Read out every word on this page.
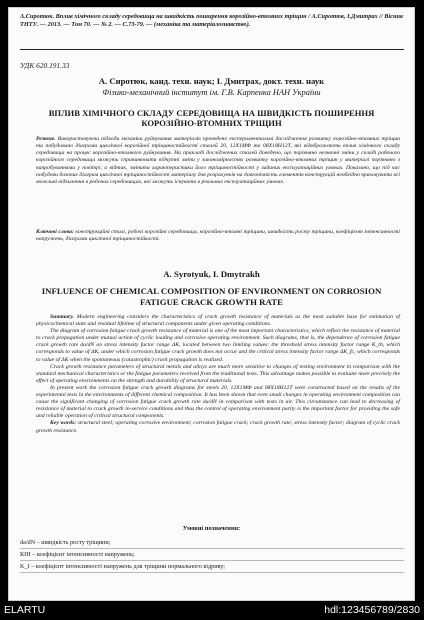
A.Сиротюк. Вплив хімічного складу середовища на швидкість поширення корозійно-втомних тріщин / А.Сиротюк, І.Дмитрах // Вісник ТНТУ. — 2013. — Том 70. — № 2. — С.73-79. — (механіка та матеріалознавство).
УДК 620.191.33
А. Сиротюк, канд. техн. наук; І. Дмитрах, докт. техн. наук
Фізико-механічний інститут ім. Г.В. Карпенка НАН України
ВПЛИВ ХІМІЧНОГО СКЛАДУ СЕРЕДОВИЩА НА ШВИДКІСТЬ ПОШИРЕННЯ КОРОЗІЙНО-ВТОМНИХ ТРІЩИН
Резюме. Використовуючи підходи механіки руйнування матеріалів проведено експериментальні дослідження розвитку корозійно-втомних тріщин та побудовано діаграми циклічної корозійної тріщиностійкості сталей 20, 12Х1МФ та 08Х18Н12Т, які відображають вплив хімічного складу середовища на процес корозійно-втомного руйнування. На прикладі досліджених сталей доведено, що порівняно незначні зміни у складі робочого корозійного середовища можуть спричинювати відчутні зміни у закономірностях розвитку корозійно-втомних тріщин у матеріалі порівняно з випробуваннями у повітрі, а відтак, змінити характеристики його тріщиностійкості у заданих експлуатаційних умовах. Показано, що під час побудови базових діаграм циклічної тріщиностійкості матеріалу для розрахунків на довговічність елементів конструкцій необхідно враховувати всі можливі відхилення в робочих середовищах, які можуть існувати в реальних експлуатаційних умовах.
Ключові слова: конструкційні сталі, робочі корозійні середовища, корозійно-втомні тріщини, швидкість росту тріщини, коефіцієнт інтенсивності напружень, діаграми циклічної тріщиностійкості.
A. Syrotyuk, I. Dmytrakh
INFLUENCE OF CHEMICAL COMPOSITION OF ENVIRONMENT ON CORROSION FATIGUE CRACK GROWTH RATE

Summary. Modern engineering considers the characteristics of crack growth resistance of materials as the most suitable base for estimation of physicochemical state and residual lifetime of structural components under given operating conditions.

The diagram of corrosion fatigue crack growth resistance of material is one of the most important characteristics, which reflect the resistance of material to crack propagation under mutual action of cyclic loading and corrosive operating environment. Such diagrams, that is, the dependence of corrosion fatigue crack growth rate da/dN on stress intensity factor range ΔK, located between two limiting values: the threshold stress intensity factor range K_th, which corresponds to value of ΔK, under which corrosion fatigue crack growth does not occur and the critical stress intensity factor range ΔK_fc, which corresponds to value of ΔK when the spontaneous (catastrophic) crack propagation is realized.

Crack growth resistance parameters of structural metals and alloys are much more sensitive to changes of testing environment in comparison with the standard mechanical characteristics or the fatigue parameters received from the traditional tests. This advantage makes possible to evaluate more precisely the effect of operating environments on the strength and durability of structural materials.

In present work the corrosion fatigue crack growth diagrams for steels 20, 12Х1МФ and 08Х18Н12Т were constructed based on the results of the experimental tests in the environments of different chemical composition. It has been shown that even small changes in operating environment composition can cause the significant changing of corrosion fatigue crack growth rate da/dN in comparison with tests in air. This circumstance can lead to decreasing of resistance of material to crack growth in-service conditions and thus the control of operating environment purity is the important factor for providing the safe and reliable operation of critical structural components.

Key words: structural steel; operating corrosive environment; corrosion fatigue crack; crack growth rate; stress intensity factor; diagram of cyclic crack growth resistance.

Умовні позначення:
da/dN – швидкість росту тріщини;
КІН – коефіцієнт інтенсивності напружень;
K_I – коефіцієнт інтенсивності напружень для тріщини нормального відриву;
ELARTU	hdl:123456789/2830
